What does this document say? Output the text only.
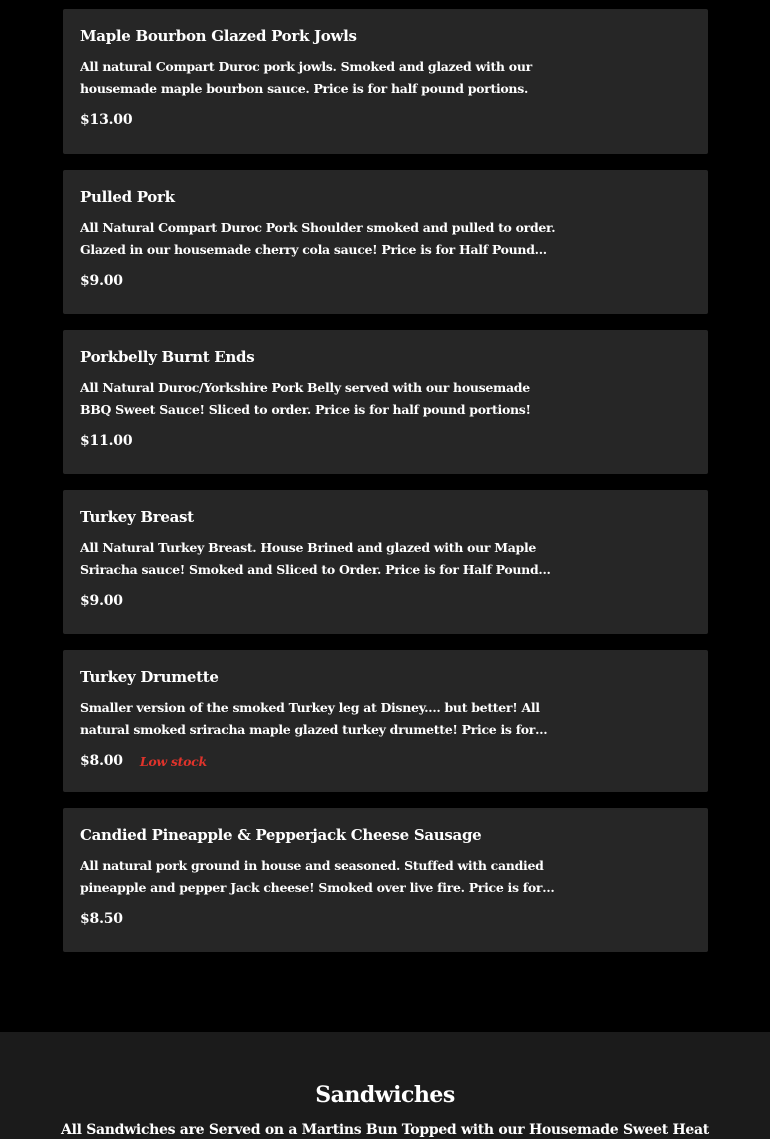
Maple Bourbon Glazed Pork Jowls
All natural Compart Duroc pork jowls. Smoked and glazed with our housemade maple bourbon sauce. Price is for half pound portions.
$13.00
Pulled Pork
All Natural Compart Duroc Pork Shoulder smoked and pulled to order. Glazed in our housemade cherry cola sauce! Price is for Half Pound...
$9.00
Porkbelly Burnt Ends
All Natural Duroc/Yorkshire Pork Belly served with our housemade BBQ Sweet Sauce! Sliced to order. Price is for half pound portions!
$11.00
Turkey Breast
All Natural Turkey Breast. House Brined and glazed with our Maple Sriracha sauce! Smoked and Sliced to Order. Price is for Half Pound...
$9.00
Turkey Drumette
Smaller version of the smoked Turkey leg at Disney.... but better! All natural smoked sriracha maple glazed turkey drumette! Price is for
$8.00 Low stock
Candied Pineapple & Pepperjack Cheese Sausage
All natural pork ground in house and seasoned. Stuffed with candied pineapple and pepper Jack cheese! Smoked over live fire. Price is for
$8.50
Sandwiches
All Sandwiches are Served on a Martins Bun Topped with our Housemade Sweet Heat
